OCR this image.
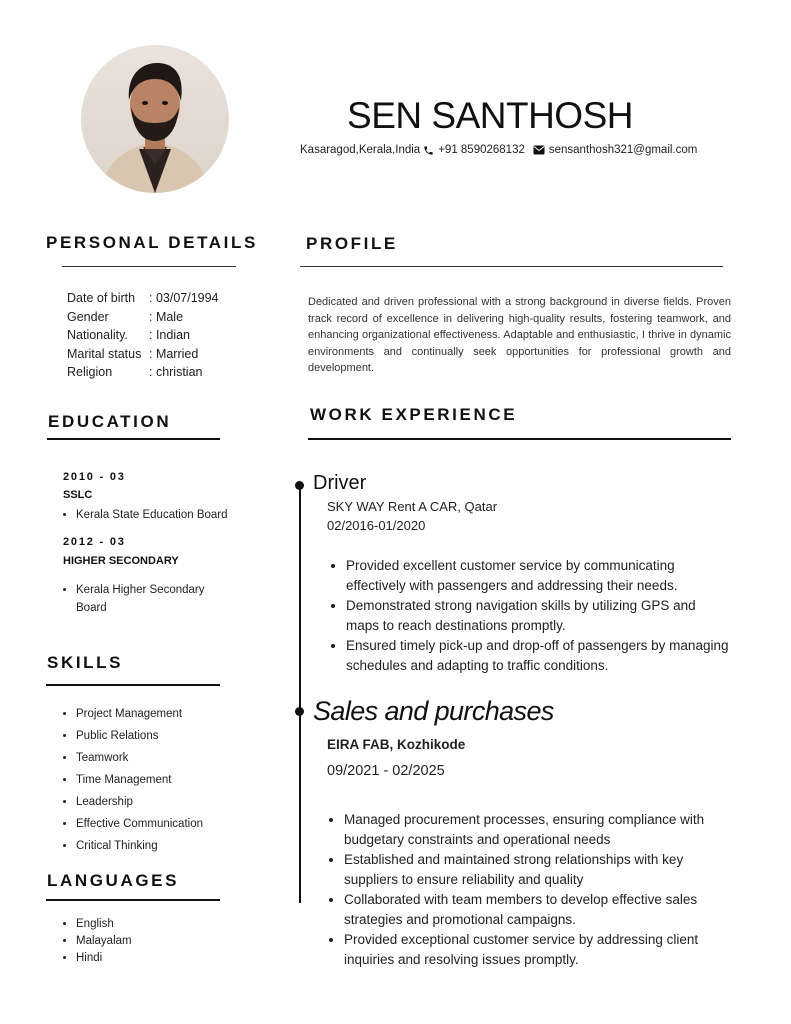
SEN SANTHOSH
Kasaragod,Kerala,India +91 8590268132 sensanthosh321@gmail.com
PERSONAL DETAILS
Date of birth	: 03/07/1994
Gender	: Male
Nationality.	: Indian
Marital status : Married
Religion	: christian
EDUCATION
2010 - 03
SSLC
• Kerala State Education Board
2012 - 03
HIGHER SECONDARY
• Kerala Higher Secondary Board
SKILLS
• Project Management
• Public Relations
• Teamwork
• Time Management
• Leadership
• Effective Communication
• Critical Thinking
LANGUAGES
• English
• Malayalam
• Hindi
PROFILE
Dedicated and driven professional with a strong background in diverse fields. Proven track record of excellence in delivering high-quality results, fostering teamwork, and enhancing organizational effectiveness. Adaptable and enthusiastic, I thrive in dynamic environments and continually seek opportunities for professional growth and development.
WORK EXPERIENCE
Driver
SKY WAY Rent A CAR, Qatar
02/2016-01/2020
• Provided excellent customer service by communicating effectively with passengers and addressing their needs.
• Demonstrated strong navigation skills by utilizing GPS and maps to reach destinations promptly.
• Ensured timely pick-up and drop-off of passengers by managing schedules and adapting to traffic conditions.
Sales and purchases
EIRA FAB, Kozhikode
09/2021 - 02/2025
• Managed procurement processes, ensuring compliance with budgetary constraints and operational needs
• Established and maintained strong relationships with key suppliers to ensure reliability and quality
• Collaborated with team members to develop effective sales strategies and promotional campaigns.
• Provided exceptional customer service by addressing client inquiries and resolving issues promptly.
